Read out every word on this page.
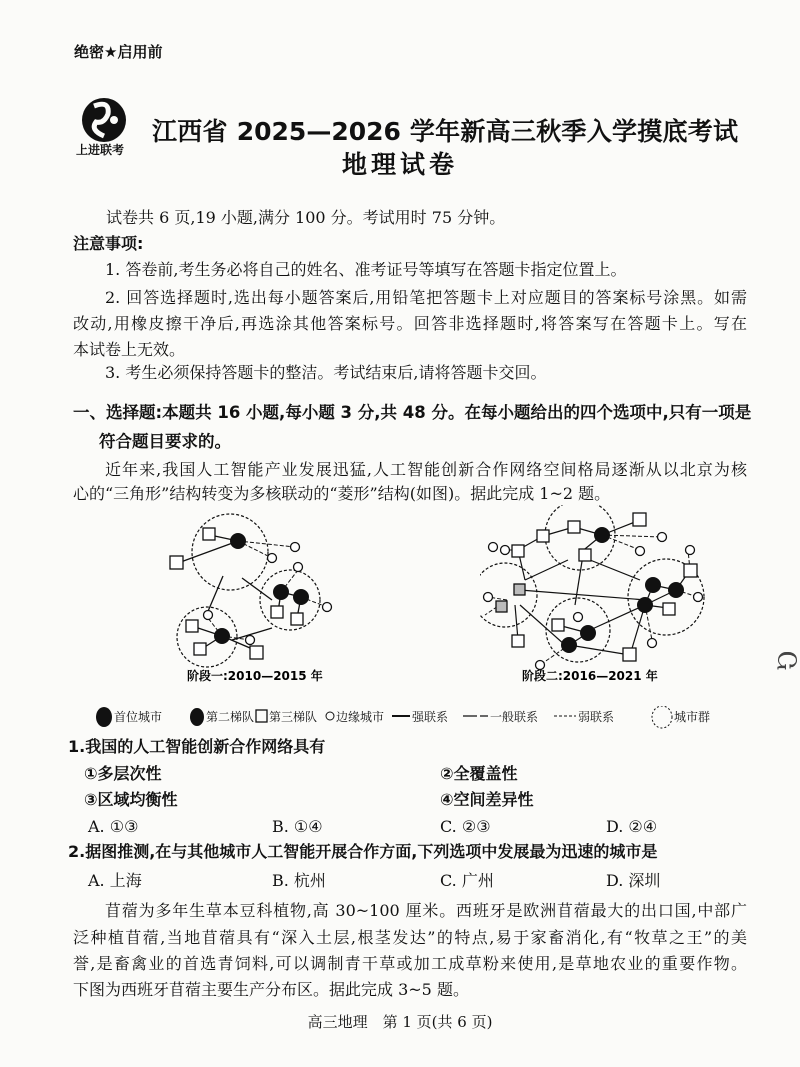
绝密★启用前
上进联考
江西省 2025—2026 学年新高三秋季入学摸底考试
地理试卷
试卷共 6 页,19 小题,满分 100 分。考试用时 75 分钟。
注意事项:
1. 答卷前,考生务必将自己的姓名、准考证号等填写在答题卡指定位置上。
2. 回答选择题时,选出每小题答案后,用铅笔把答题卡上对应题目的答案标号涂黑。如需
改动,用橡皮擦干净后,再选涂其他答案标号。回答非选择题时,将答案写在答题卡上。写在
本试卷上无效。
3. 考生必须保持答题卡的整洁。考试结束后,请将答题卡交回。
一、选择题:本题共 16 小题,每小题 3 分,共 48 分。在每小题给出的四个选项中,只有一项是
符合题目要求的。
近年来,我国人工智能产业发展迅猛,人工智能创新合作网络空间格局逐渐从以北京为核
心的“三角形”结构转变为多核联动的“菱形”结构(如图)。据此完成 1~2 题。
阶段一:2010—2015 年	阶段二:2016—2021 年
首位城市	第二梯队 第三梯队 边缘城市 强联系	一般联系	弱联系	城市群
1.我国的人工智能创新合作网络具有
①多层次性	②全覆盖性
③区域均衡性	④空间差异性
A. ①③	B. ①④	C. ②③	D. ②④
2.据图推测,在与其他城市人工智能开展合作方面,下列选项中发展最为迅速的城市是
A. 上海	B. 杭州	C. 广州	D. 深圳
苜蓿为多年生草本豆科植物,高 30~100 厘米。西班牙是欧洲苜蓿最大的出口国,中部广
泛种植苜蓿,当地苜蓿具有“深入土层,根茎发达”的特点,易于家畜消化,有“牧草之王”的美
誉,是畜禽业的首选青饲料,可以调制青干草或加工成草粉来使用,是草地农业的重要作物。
下图为西班牙苜蓿主要生产分布区。据此完成 3~5 题。
高三地理　第 1 页(共 6 页)
Ⴚ
